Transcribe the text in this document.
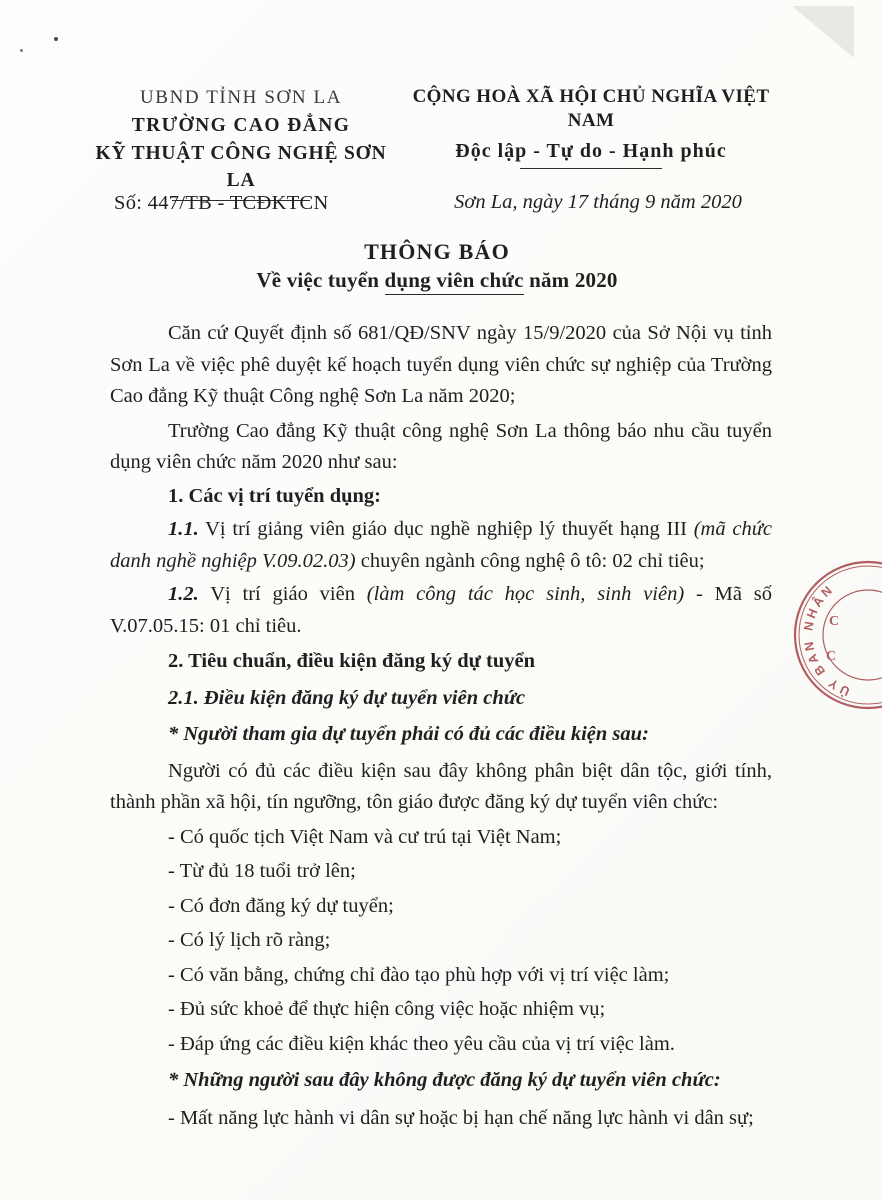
UBND TỈNH SƠN LA
TRƯỜNG CAO ĐẲNG
KỸ THUẬT CÔNG NGHỆ SƠN LA
CỘNG HOÀ XÃ HỘI CHỦ NGHĨA VIỆT NAM
Độc lập - Tự do - Hạnh phúc
Số: 447/TB - TCĐKTCN	Sơn La, ngày 17 tháng 9 năm 2020
THÔNG BÁO
Về việc tuyển dụng viên chức năm 2020

Căn cứ Quyết định số 681/QĐ/SNV ngày 15/9/2020 của Sở Nội vụ tỉnh Sơn La về việc phê duyệt kế hoạch tuyển dụng viên chức sự nghiệp của Trường Cao đẳng Kỹ thuật Công nghệ Sơn La năm 2020;

Trường Cao đẳng Kỹ thuật công nghệ Sơn La thông báo nhu cầu tuyển dụng viên chức năm 2020 như sau:

1. Các vị trí tuyển dụng:

1.1. Vị trí giảng viên giáo dục nghề nghiệp lý thuyết hạng III (mã chức danh nghề nghiệp V.09.02.03) chuyên ngành công nghệ ô tô: 02 chỉ tiêu;

1.2. Vị trí giáo viên (làm công tác học sinh, sinh viên) - Mã số V.07.05.15: 01 chỉ tiêu.

2. Tiêu chuẩn, điều kiện đăng ký dự tuyển

2.1. Điều kiện đăng ký dự tuyển viên chức

* Người tham gia dự tuyển phải có đủ các điều kiện sau:

Người có đủ các điều kiện sau đây không phân biệt dân tộc, giới tính, thành phần xã hội, tín ngưỡng, tôn giáo được đăng ký dự tuyển viên chức:

- Có quốc tịch Việt Nam và cư trú tại Việt Nam;

- Từ đủ 18 tuổi trở lên;

- Có đơn đăng ký dự tuyển;

- Có lý lịch rõ ràng;

- Có văn bằng, chứng chỉ đào tạo phù hợp với vị trí việc làm;

- Đủ sức khoẻ để thực hiện công việc hoặc nhiệm vụ;

- Đáp ứng các điều kiện khác theo yêu cầu của vị trí việc làm.

* Những người sau đây không được đăng ký dự tuyển viên chức:

- Mất năng lực hành vi dân sự hoặc bị hạn chế năng lực hành vi dân sự;

ỦY BAN NHÂN
C
C
